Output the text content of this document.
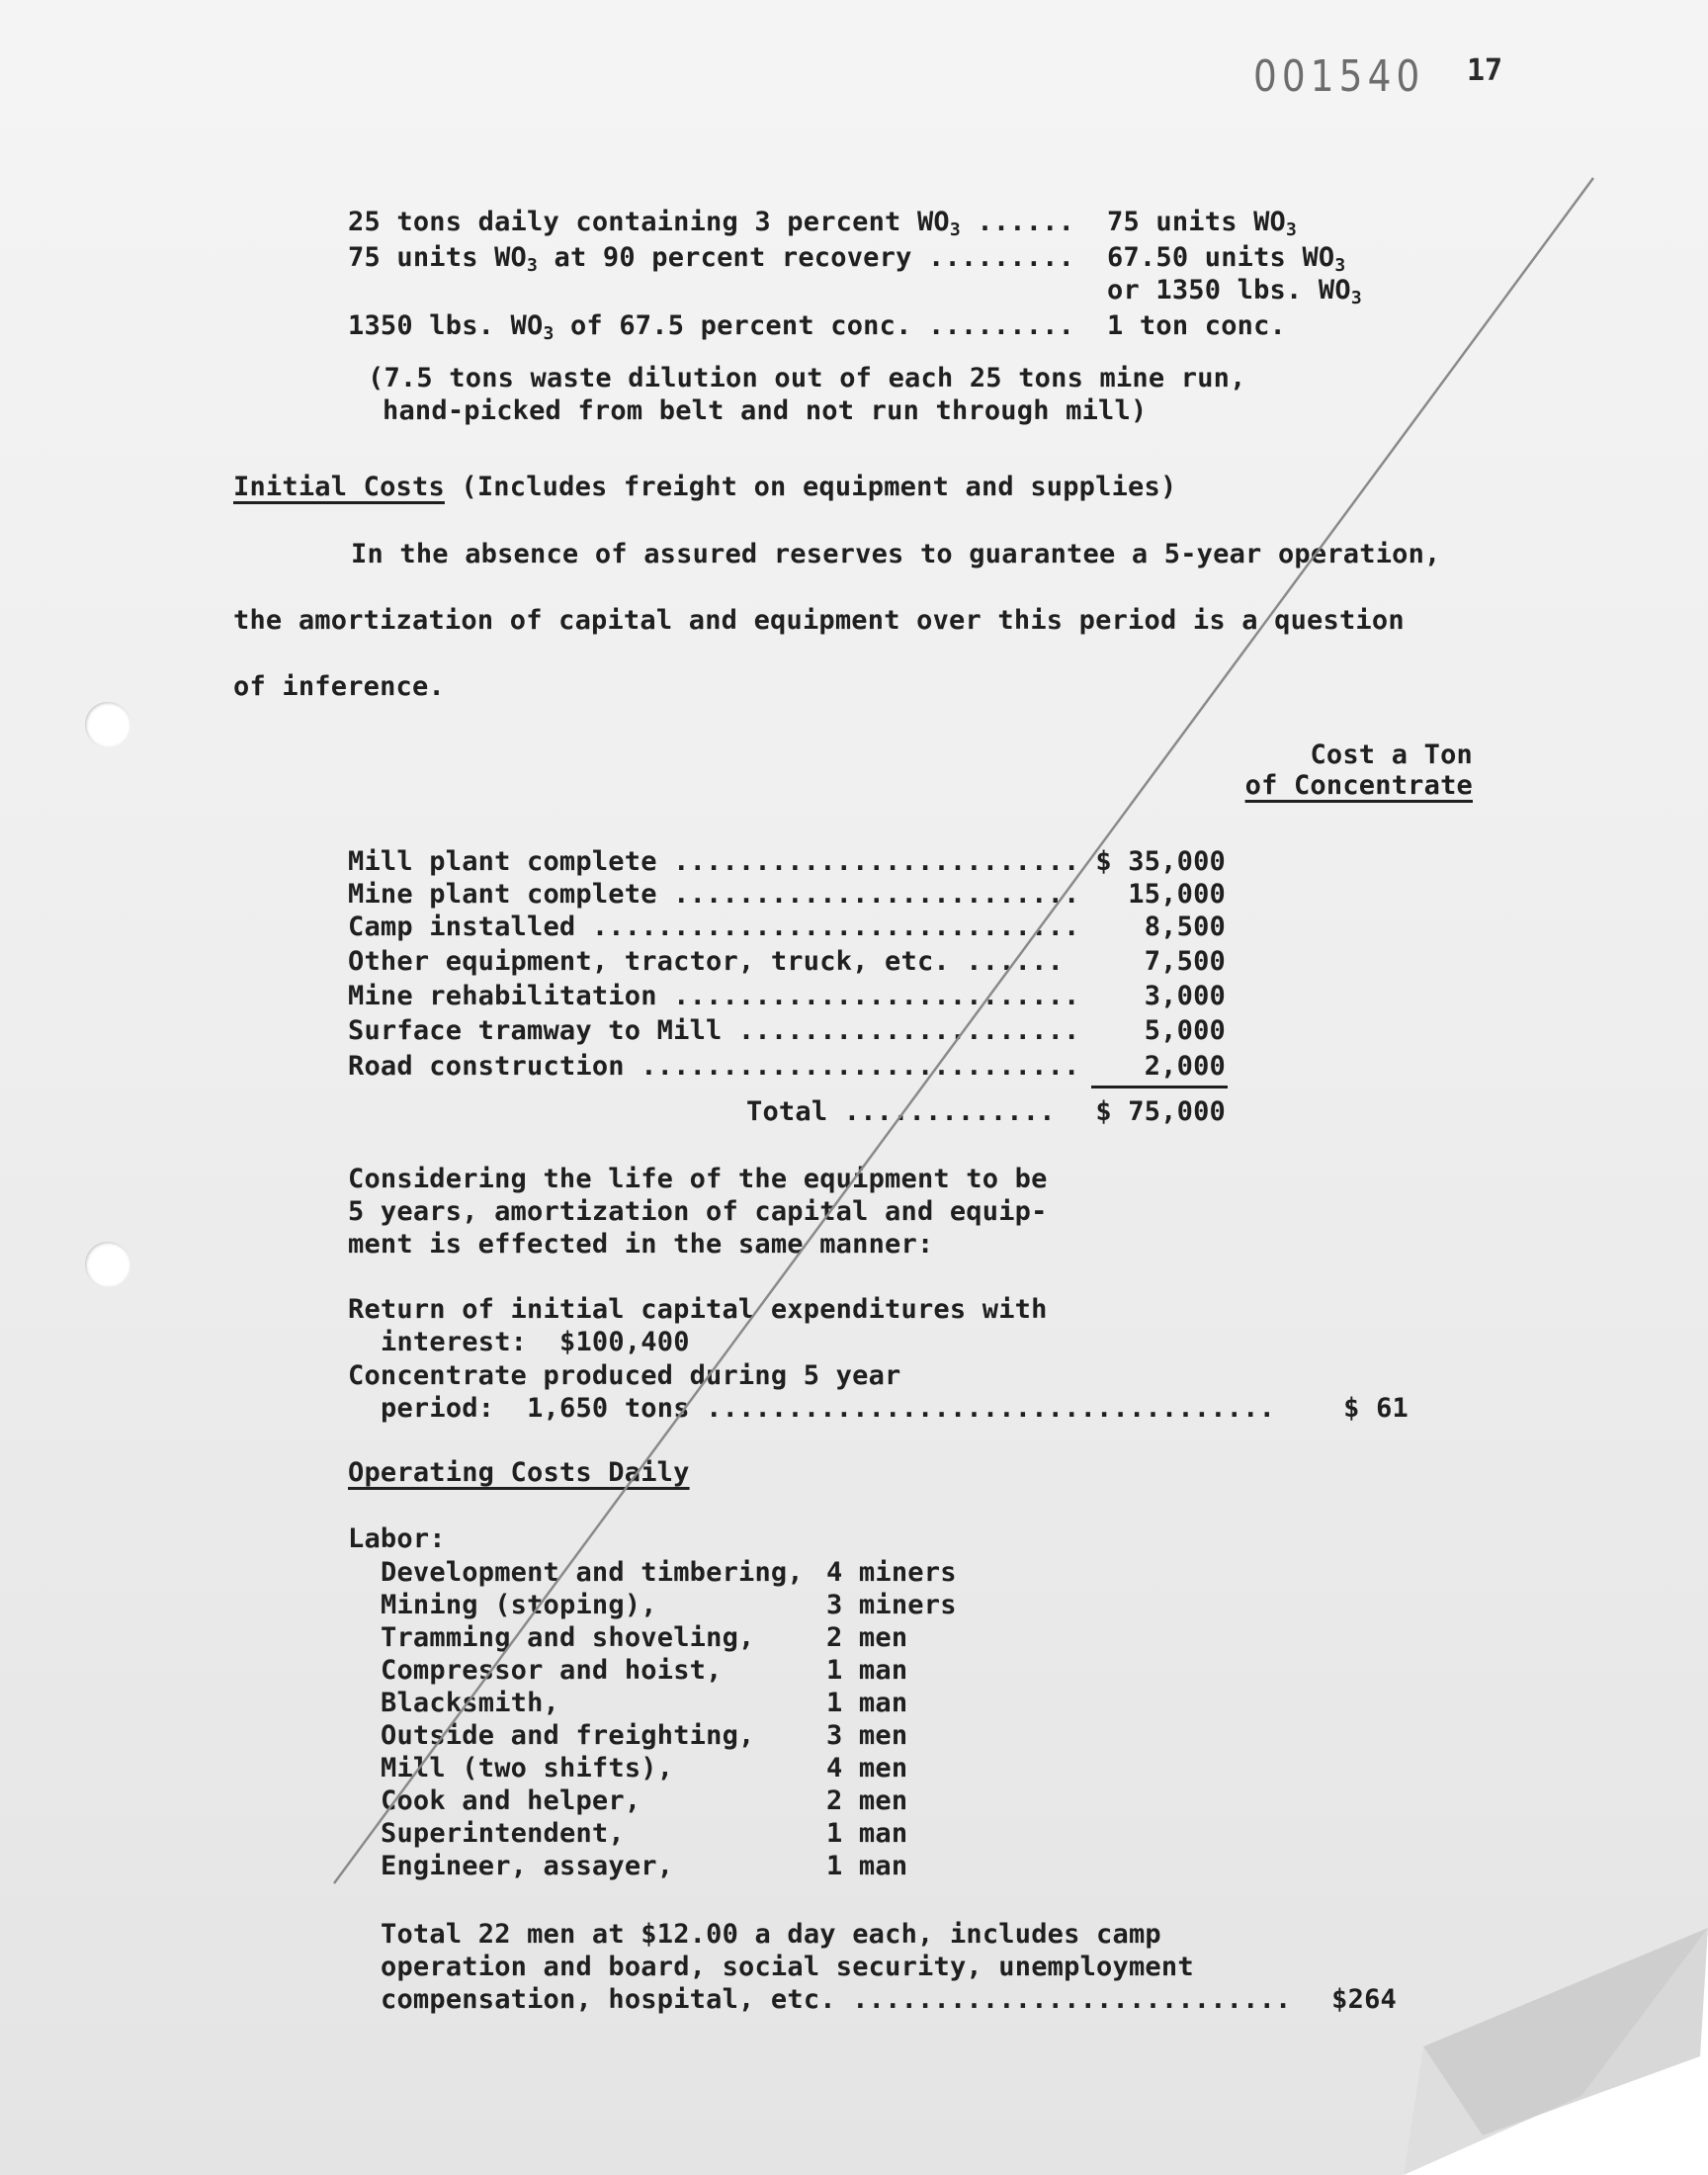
001540 17
25 tons daily containing 3 percent $WO_3$ ...... 75 units $WO_3$
75 units $WO_3$ at 90 percent recovery ......... 67.50 units $WO_3$
or 1350 lbs. $WO_3$
1350 lbs. $WO_3$ of 67.5 percent conc. ......... 1 ton conc.
(7.5 tons waste dilution out of each 25 tons mine run,
hand-picked from belt and not run through mill)
Initial Costs (Includes freight on equipment and supplies)
In the absence of assured reserves to guarantee a 5-year operation,
the amortization of capital and equipment over this period is a question
of inference.
Cost a Ton
of Concentrate
Mill plant complete ......................... $ 35,000
Mine plant complete .........................	15,000
Camp installed ..............................	8,500
Other equipment, tractor, truck, etc. ......	7,500
Mine rehabilitation .........................	3,000
Surface tramway to Mill .....................	5,000
Road construction ...........................	2,000
Total .............	$ 75,000
Considering the life of the equipment to be
5 years, amortization of capital and equip-
ment is effected in the same manner:
Return of initial capital expenditures with
interest:  $100,400
Concentrate produced during 5 year
period:  1,650 tons ...................................	$ 61
Operating Costs Daily
Labor:
Development and timbering, 4 miners
Mining (stoping),	3 miners
Tramming and shoveling,	2 men
Compressor and hoist,	1 man
Blacksmith,	1 man
Outside and freighting,	3 men
Mill (two shifts),	4 men
Cook and helper,	2 men
Superintendent,	1 man
Engineer, assayer,	1 man
Total 22 men at $12.00 a day each, includes camp
operation and board, social security, unemployment
compensation, hospital, etc. ...........................	$264
